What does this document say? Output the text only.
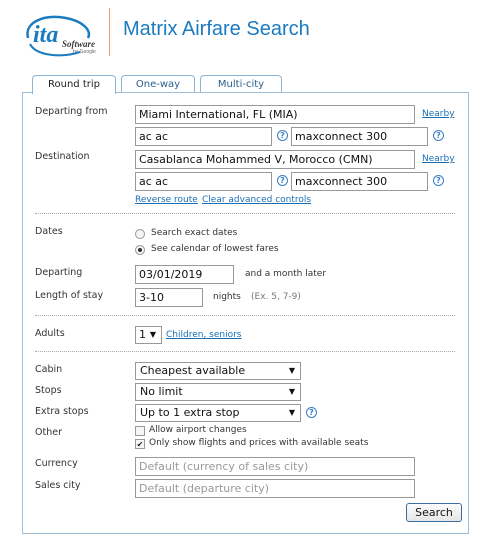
ita Software
by Google
Matrix Airfare Search
Round trip	One-way	Multi-city
Departing from	Miami International, FL (MIA)	Nearby
ac ac	? maxconnect 300	?
Destination	Casablanca Mohammed V, Morocco (CMN)	Nearby
ac ac	? maxconnect 300	?
Reverse route Clear advanced controls
Dates	Search exact dates
See calendar of lowest fares
Departing	03/01/2019	and a month later
Length of stay	3-10	nights (Ex. 5, 7-9)
Adults	1 ▼ Children, seniors
Cabin	Cheapest available	▼
Stops	No limit	▼
Extra stops	Up to 1 extra stop	▼	?
Other	Allow airport changes
✔ Only show flights and prices with available seats
Currency	Default (currency of sales city)
Sales city	Default (departure city)
Search
